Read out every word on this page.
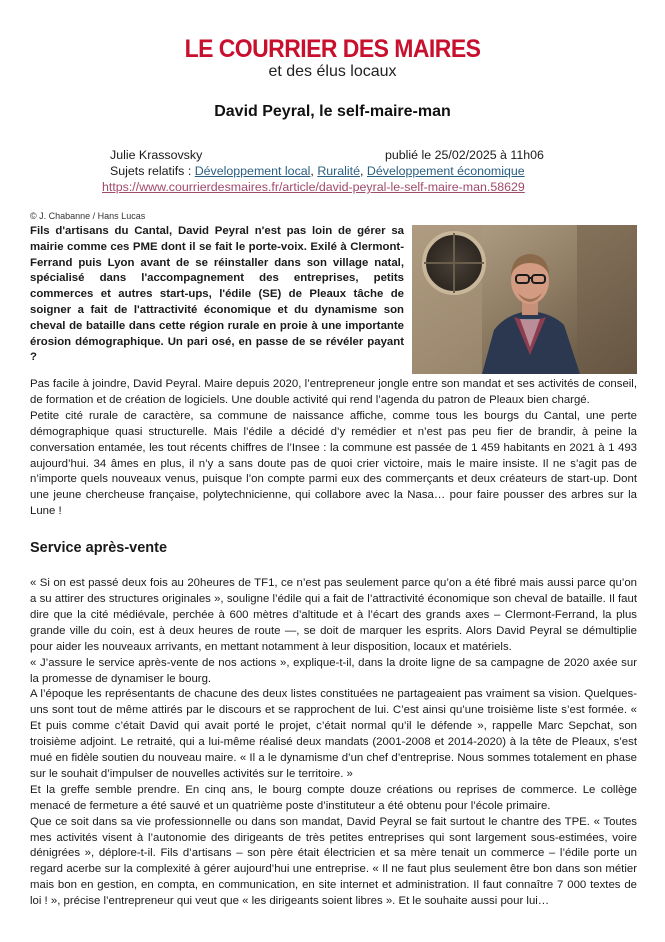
LE COURRIER DES MAIRES
et des élus locaux
David Peyral, le self-maire-man
Julie Krassovsky	publié le 25/02/2025 à 11h06
Sujets relatifs : Développement local, Ruralité, Développement économique
https://www.courrierdesmaires.fr/article/david-peyral-le-self-maire-man.58629
© J. Chabanne / Hans Lucas
Fils d'artisans du Cantal, David Peyral n'est pas loin de gérer sa mairie comme ces PME dont il se fait le porte-voix. Exilé à Clermont-Ferrand puis Lyon avant de se réinstaller dans son village natal, spécialisé dans l'accompagnement des entreprises, petits commerces et autres start-ups, l'édile (SE) de Pleaux tâche de soigner a fait de l'attractivité économique et du dynamisme son cheval de bataille dans cette région rurale en proie à une importante érosion démographique. Un pari osé, en passe de se révéler payant ?

Pas facile à joindre, David Peyral. Maire depuis 2020, l’entrepreneur jongle entre son mandat et ses activités de conseil, de formation et de création de logiciels. Une double activité qui rend l’agenda du patron de Pleaux bien chargé.

Petite cité rurale de caractère, sa commune de naissance affiche, comme tous les bourgs du Cantal, une perte démographique quasi structurelle. Mais l’édile a décidé d’y remédier et n’est pas peu fier de brandir, à peine la conversation entamée, les tout récents chiffres de l’Insee : la commune est passée de 1 459 habitants en 2021 à 1 493 aujourd’hui. 34 âmes en plus, il n’y a sans doute pas de quoi crier victoire, mais le maire insiste. Il ne s’agit pas de n’importe quels nouveaux venus, puisque l’on compte parmi eux des commerçants et deux créateurs de start-up. Dont une jeune chercheuse française, polytechnicienne, qui collabore avec la Nasa… pour faire pousser des arbres sur la Lune !

Service après-vente

« Si on est passé deux fois au 20heures de TF1, ce n’est pas seulement parce qu’on a été fibré mais aussi parce qu’on a su attirer des structures originales », souligne l’édile qui a fait de l’attractivité économique son cheval de bataille. Il faut dire que la cité médiévale, perchée à 600 mètres d’altitude et à l’écart des grands axes – Clermont-Ferrand, la plus grande ville du coin, est à deux heures de route —, se doit de marquer les esprits. Alors David Peyral se démultiplie pour aider les nouveaux arrivants, en mettant notamment à leur disposition, locaux et matériels.

« J’assure le service après-vente de nos actions », explique-t-il, dans la droite ligne de sa campagne de 2020 axée sur la promesse de dynamiser le bourg.

A l’époque les représentants de chacune des deux listes constituées ne partageaient pas vraiment sa vision. Quelques-uns sont tout de même attirés par le discours et se rapprochent de lui. C’est ainsi qu’une troisième liste s’est formée. « Et puis comme c’était David qui avait porté le projet, c’était normal qu’il le défende », rappelle Marc Sepchat, son troisième adjoint. Le retraité, qui a lui-même réalisé deux mandats (2001-2008 et 2014-2020) à la tête de Pleaux, s’est mué en fidèle soutien du nouveau maire. « Il a le dynamisme d’un chef d’entreprise. Nous sommes totalement en phase sur le souhait d’impulser de nouvelles activités sur le territoire. »

Et la greffe semble prendre. En cinq ans, le bourg compte douze créations ou reprises de commerce. Le collège menacé de fermeture a été sauvé et un quatrième poste d’instituteur a été obtenu pour l’école primaire.

Que ce soit dans sa vie professionnelle ou dans son mandat, David Peyral se fait surtout le chantre des TPE. « Toutes mes activités visent à l’autonomie des dirigeants de très petites entreprises qui sont largement sous-estimées, voire dénigrées », déplore-t-il. Fils d’artisans – son père était électricien et sa mère tenait un commerce – l’édile porte un regard acerbe sur la complexité à gérer aujourd’hui une entreprise. « Il ne faut plus seulement être bon dans son métier mais bon en gestion, en compta, en communication, en site internet et administration. Il faut connaître 7 000 textes de loi ! », précise l’entrepreneur qui veut que « les dirigeants soient libres ». Et le souhaite aussi pour lui…
